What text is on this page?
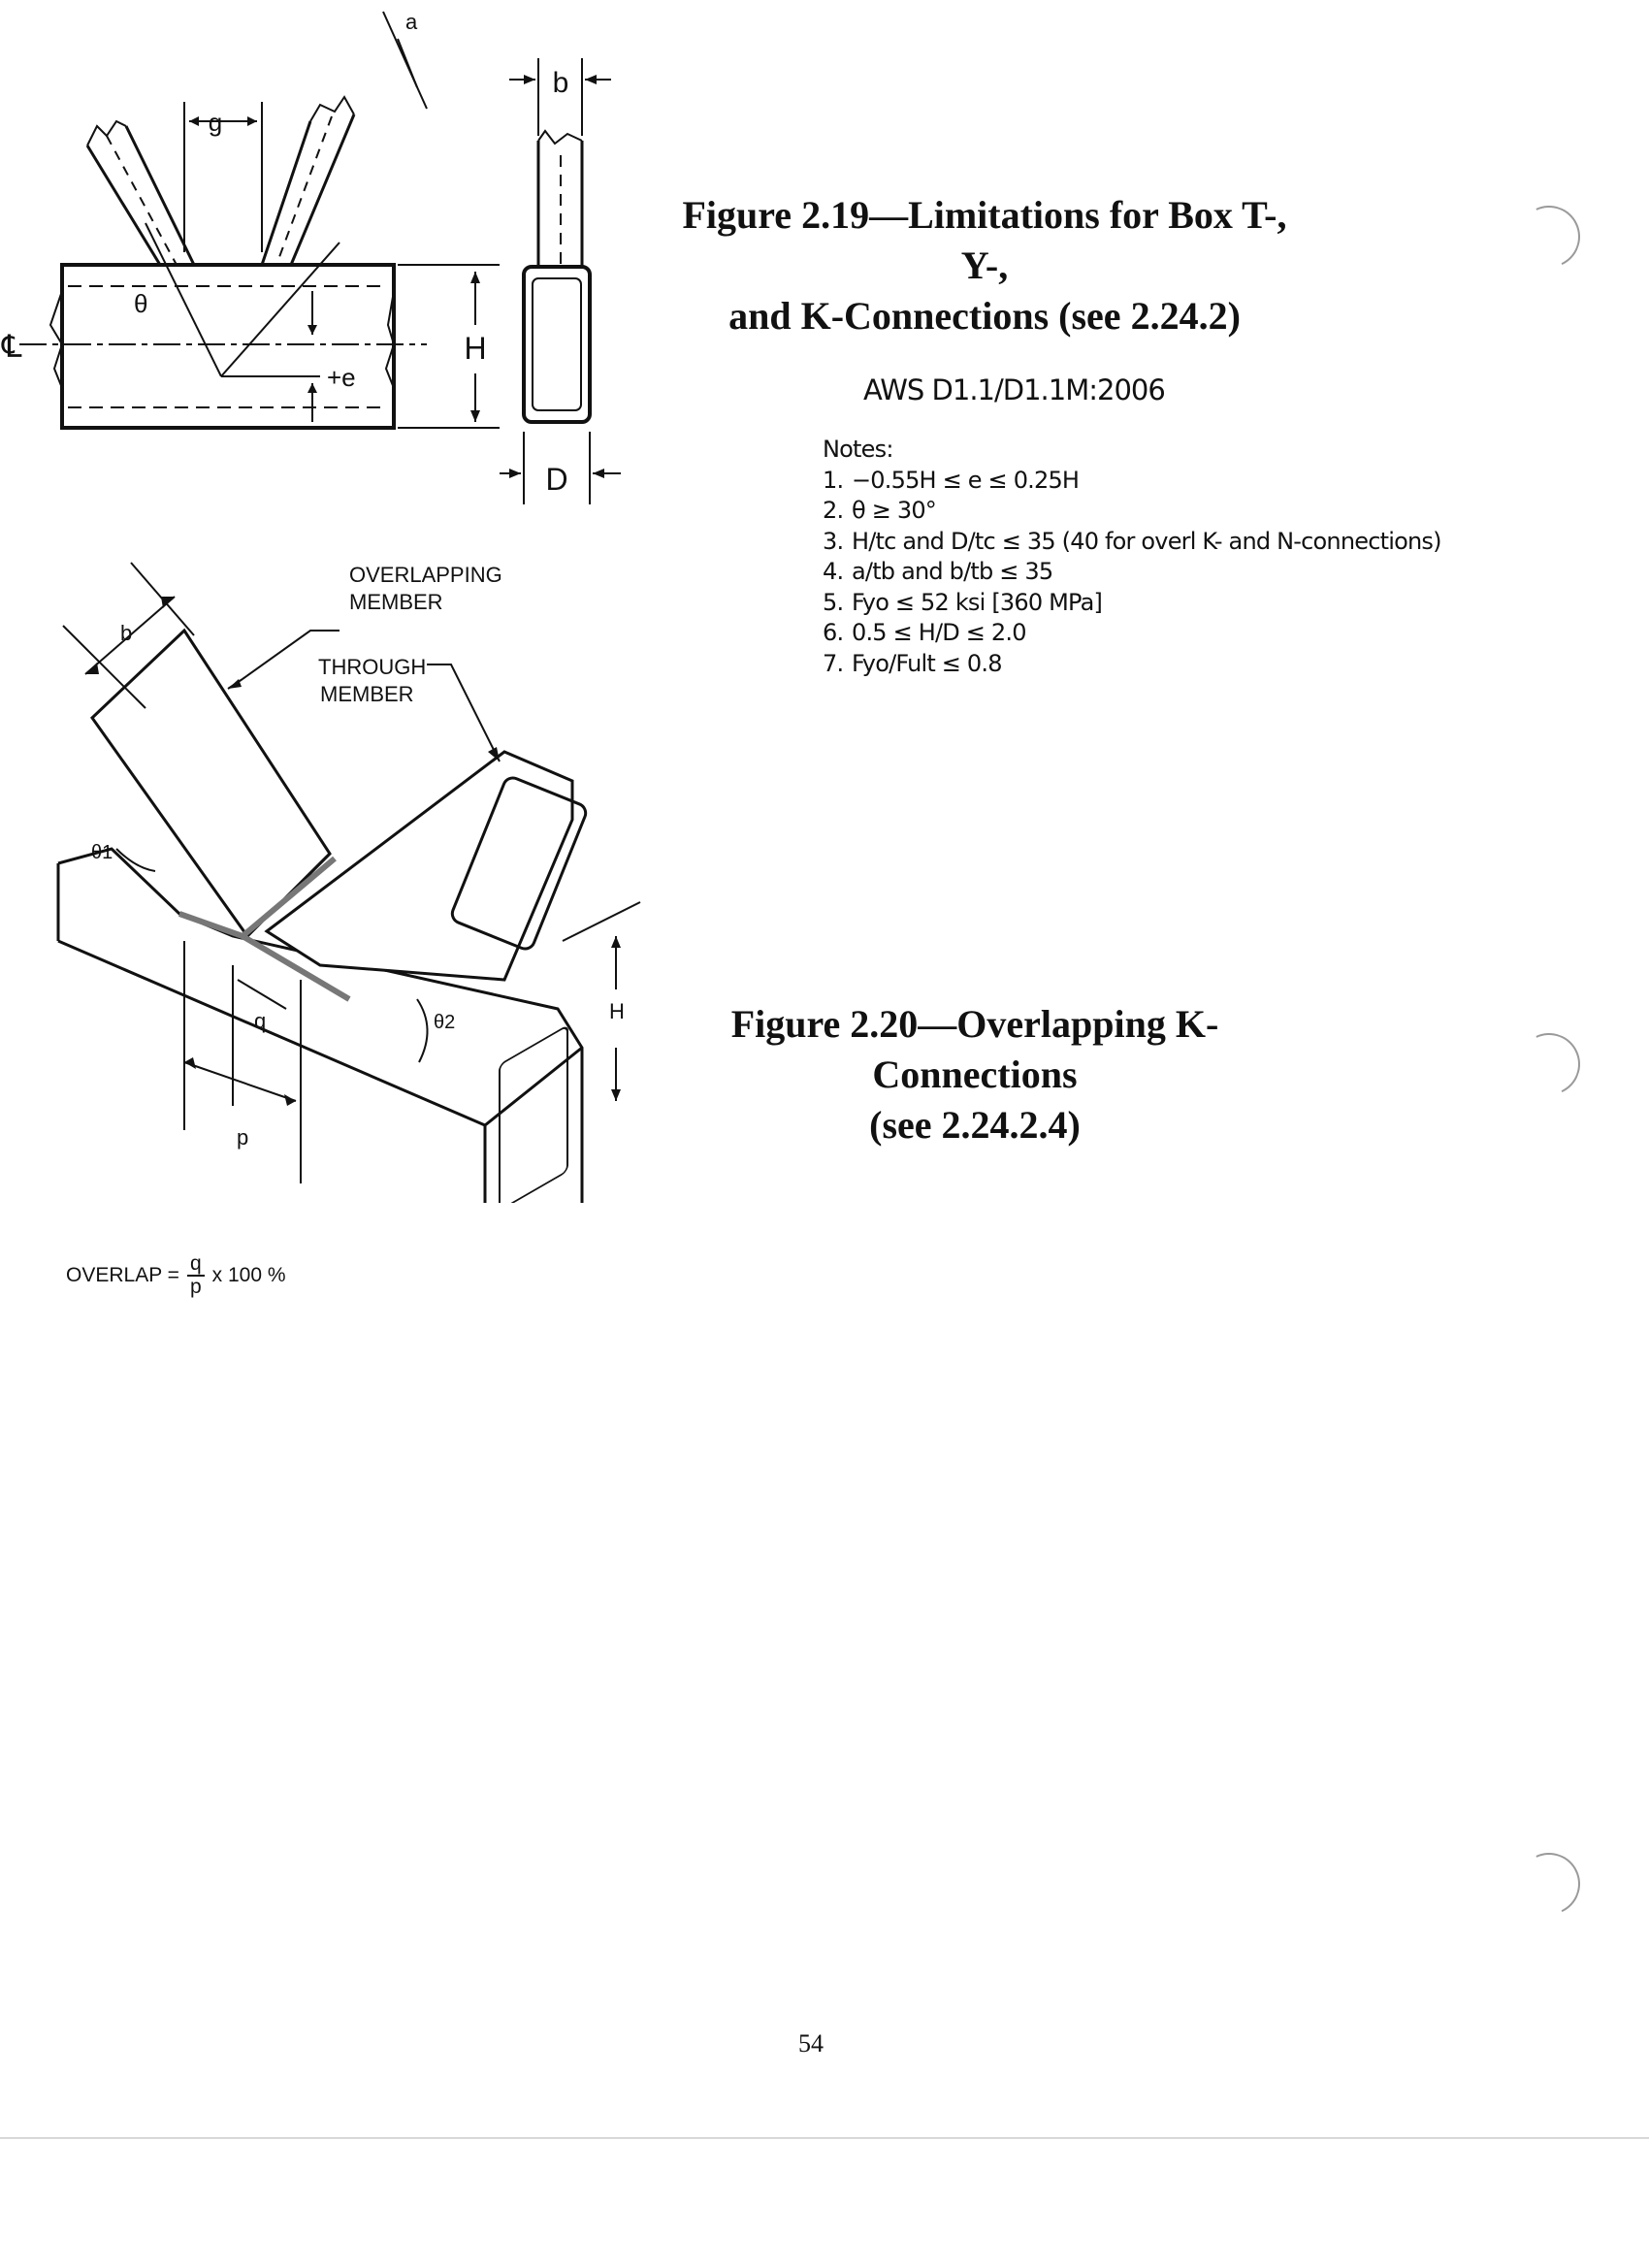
g
a
b
θ
+e
H
D
℄
Figure 2.19—Limitations for Box T-, Y-,
and K-Connections (see 2.24.2)
AWS D1.1/D1.1M:2006
Notes:
1. −0.55H ≤ e ≤ 0.25H
2. θ ≥ 30°
3. H/tc and D/tc ≤ 35 (40 for overl K- and N-connections)
4. a/tb and b/tb ≤ 35
5. Fyo ≤ 52 ksi [360 MPa]
6. 0.5 ≤ H/D ≤ 2.0
7. Fyo/Fult ≤ 0.8
OVERLAPPING
MEMBER
THROUGH
MEMBER
b
θ1
θ2
q
p
H	Figure 2.20—Overlapping K-Connections
(see 2.24.2.4)
OVERLAP = $\frac{q}{p}$ x 100 %
54
